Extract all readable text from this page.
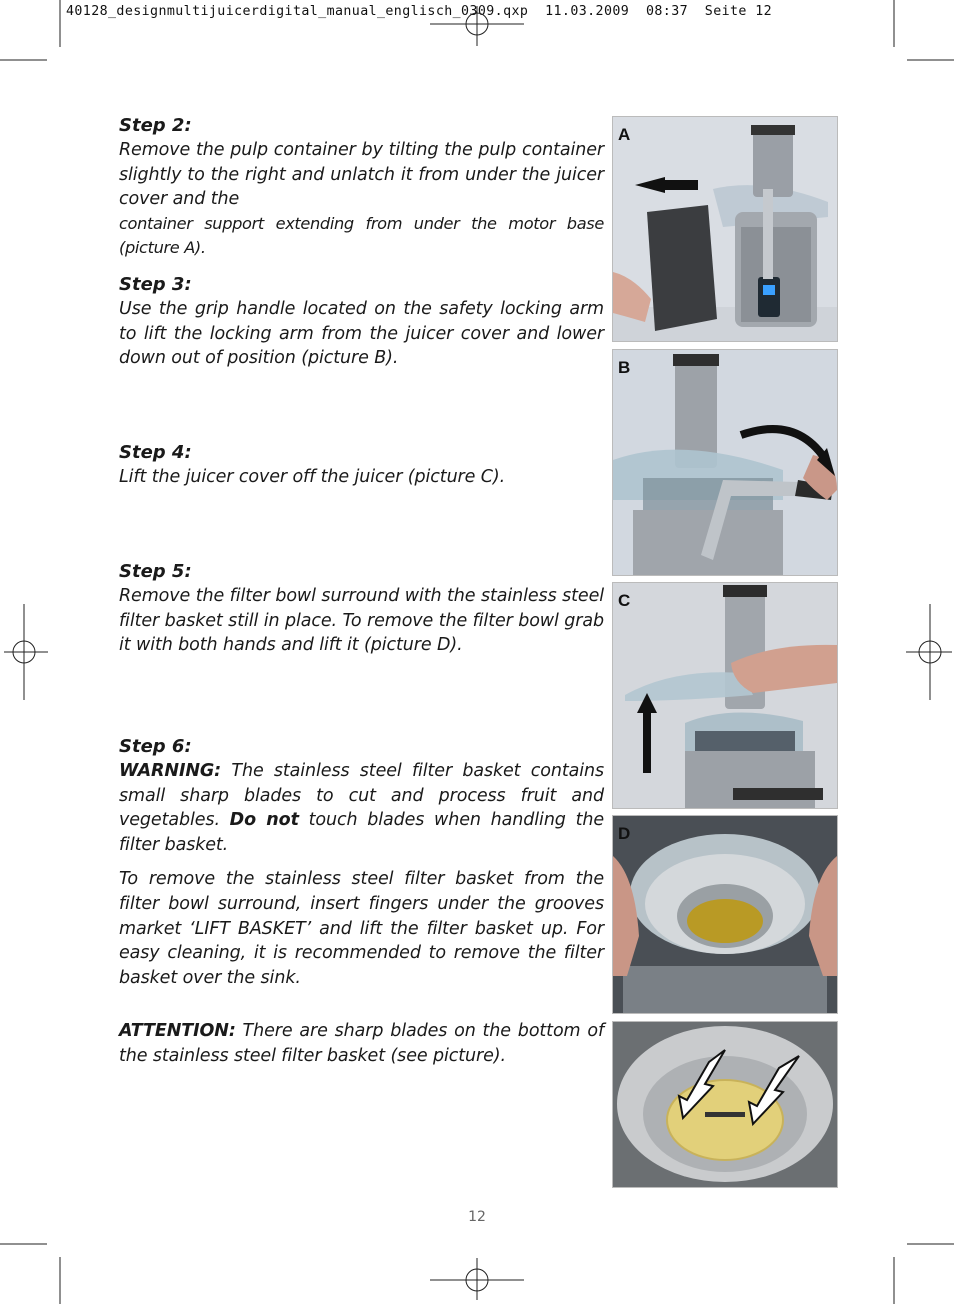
40128_designmultijuicerdigital_manual_englisch_0309.qxp  11.03.2009  08:37  Seite 12

Step 2:

Remove the pulp container by tilting the pulp container slightly to the right and unlatch it from under the juicer cover and the

container support extending from under the motor base (picture A).

Step 3:

Use the grip handle located on the safety locking arm to lift the locking arm from the juicer cover and lower down out of position (picture B).

Step 4:

Lift the juicer cover off the juicer (picture C).

Step 5:

Remove the filter bowl surround with the stainless steel filter basket still in place. To remove the filter bowl grab it with both hands and lift it (picture D).

Step 6:

WARNING: The stainless steel filter basket contains small sharp blades to cut and process fruit and vegetables. Do not touch blades when handling the filter basket.

To remove the stainless steel filter basket from the filter bowl surround, insert fingers under the grooves market ‘LIFT BASKET’ and lift the filter basket up. For easy cleaning, it is recommended to remove the filter basket over the sink.

ATTENTION: There are sharp blades on the bottom of the stainless steel filter basket (see picture).

A
B
C
D
12
